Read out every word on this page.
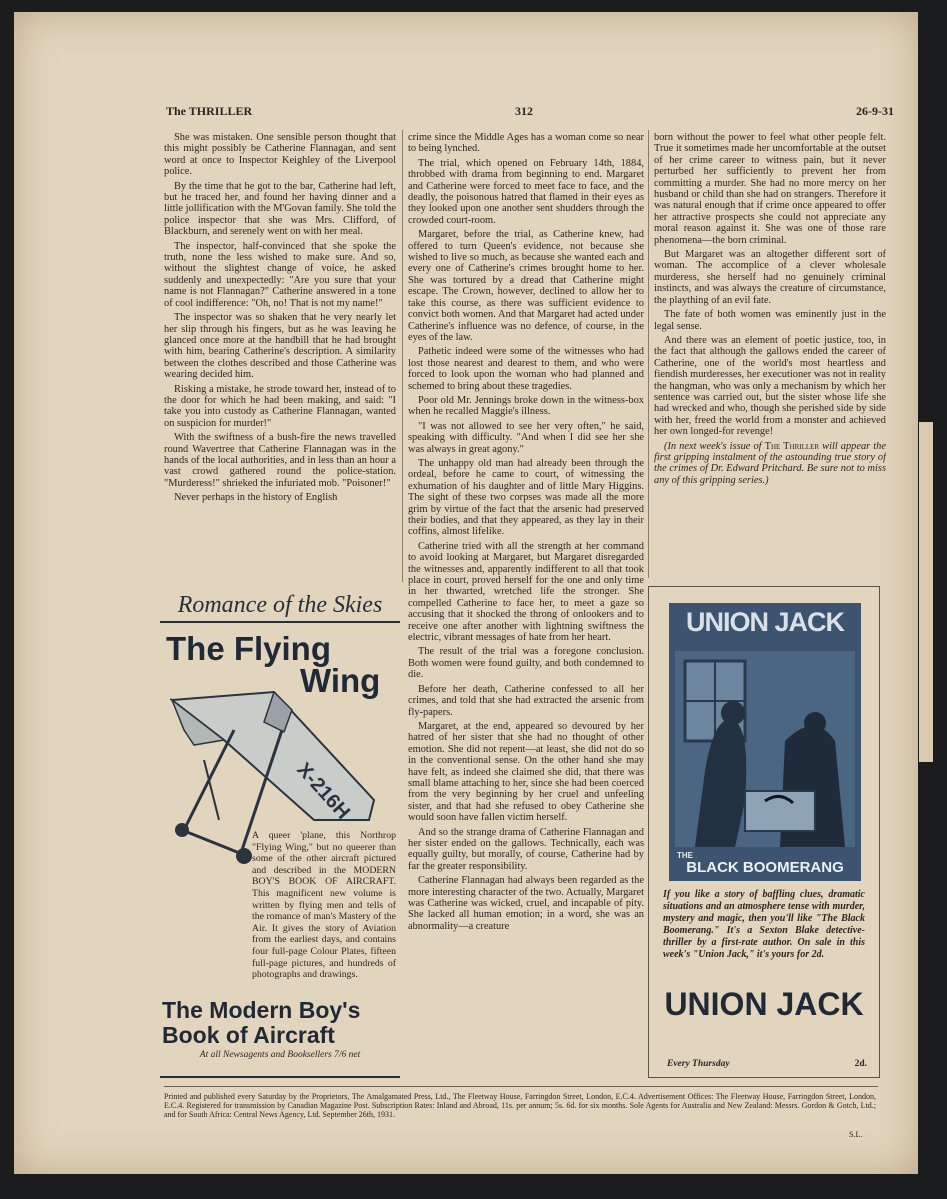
The THRILLER	312	26-9-31

She was mistaken. One sensible person thought that this might possibly be Catherine Flannagan, and sent word at once to Inspector Keighley of the Liverpool police.

By the time that he got to the bar, Catherine had left, but he traced her, and found her having dinner and a little jollification with the M'Govan family. She told the police inspector that she was Mrs. Clifford, of Blackburn, and serenely went on with her meal.

The inspector, half-convinced that she spoke the truth, none the less wished to make sure. And so, without the slightest change of voice, he asked suddenly and unexpectedly: "Are you sure that your name is not Flannagan?" Catherine answered in a tone of cool indifference: "Oh, no! That is not my name!"

The inspector was so shaken that he very nearly let her slip through his fingers, but as he was leaving he glanced once more at the handbill that he had brought with him, bearing Catherine's description. A similarity between the clothes described and those Catherine was wearing decided him.

Risking a mistake, he strode toward her, instead of to the door for which he had been making, and said: "I take you into custody as Catherine Flannagan, wanted on suspicion for murder!"

With the swiftness of a bush-fire the news travelled round Wavertree that Catherine Flannagan was in the hands of the local authorities, and in less than an hour a vast crowd gathered round the police-station. "Murderess!" shrieked the infuriated mob. "Poisoner!"

Never perhaps in the history of English

crime since the Middle Ages has a woman come so near to being lynched.

The trial, which opened on February 14th, 1884, throbbed with drama from beginning to end. Margaret and Catherine were forced to meet face to face, and the deadly, the poisonous hatred that flamed in their eyes as they looked upon one another sent shudders through the crowded court-room.

Margaret, before the trial, as Catherine knew, had offered to turn Queen's evidence, not because she wished to live so much, as because she wanted each and every one of Catherine's crimes brought home to her. She was tortured by a dread that Catherine might escape. The Crown, however, declined to allow her to take this course, as there was sufficient evidence to convict both women. And that Margaret had acted under Catherine's influence was no defence, of course, in the eyes of the law.

Pathetic indeed were some of the witnesses who had lost those nearest and dearest to them, and who were forced to look upon the woman who had planned and schemed to bring about these tragedies.

Poor old Mr. Jennings broke down in the witness-box when he recalled Maggie's illness.

"I was not allowed to see her very often," he said, speaking with difficulty. "And when I did see her she was always in great agony."

The unhappy old man had already been through the ordeal, before he came to court, of witnessing the exhumation of his daughter and of little Mary Higgins. The sight of these two corpses was made all the more grim by virtue of the fact that the arsenic had preserved their bodies, and that they appeared, as they lay in their coffins, almost lifelike.

Catherine tried with all the strength at her command to avoid looking at Margaret, but Margaret disregarded the witnesses and, apparently indifferent to all that took place in court, proved herself for the one and only time in her thwarted, wretched life the stronger. She compelled Catherine to face her, to meet a gaze so accusing that it shocked the throng of onlookers and to receive one after another with lightning swiftness the electric, vibrant messages of hate from her heart.

The result of the trial was a foregone conclusion. Both women were found guilty, and both condemned to die.

Before her death, Catherine confessed to all her crimes, and told that she had extracted the arsenic from fly-papers.

Margaret, at the end, appeared so devoured by her hatred of her sister that she had no thought of other emotion. She did not repent—at least, she did not do so in the conventional sense. On the other hand she may have felt, as indeed she claimed she did, that there was small blame attaching to her, since she had been coerced from the very beginning by her cruel and unfeeling sister, and that had she refused to obey Catherine she would soon have fallen victim herself.

And so the strange drama of Catherine Flannagan and her sister ended on the gallows. Technically, each was equally guilty, but morally, of course, Catherine had by far the greater responsibility.

Catherine Flannagan had always been regarded as the more interesting character of the two. Actually, Margaret was Catherine was wicked, cruel, and incapable of pity. She lacked all human emotion; in a word, she was an abnormality—a creature

born without the power to feel what other people felt. True it sometimes made her uncomfortable at the outset of her crime career to witness pain, but it never perturbed her sufficiently to prevent her from committing a murder. She had no more mercy on her husband or child than she had on strangers. Therefore it was natural enough that if crime once appeared to offer her attractive prospects she could not appreciate any moral reason against it. She was one of those rare phenomena—the born criminal.

But Margaret was an altogether different sort of woman. The accomplice of a clever wholesale murderess, she herself had no genuinely criminal instincts, and was always the creature of circumstance, the plaything of an evil fate.

The fate of both women was eminently just in the legal sense.

And there was an element of poetic justice, too, in the fact that although the gallows ended the career of Catherine, one of the world's most heartless and fiendish murderesses, her executioner was not in reality the hangman, who was only a mechanism by which her sentence was carried out, but the sister whose life she had wrecked and who, though she perished side by side with her, freed the world from a monster and achieved her own longed-for revenge!

(In next week's issue of The Thriller will appear the first gripping instalment of the astounding true story of the crimes of Dr. Edward Pritchard. Be sure not to miss any of this gripping series.)

Romance of the Skies
The Flying
Wing
X-216H
A queer 'plane, this Northrop "Flying Wing," but no queerer than some of the other aircraft pictured and described in the MODERN BOY'S BOOK OF AIRCRAFT. This magnificent new volume is written by flying men and tells of the romance of man's Mastery of the Air. It gives the story of Aviation from the earliest days, and contains four full-page Colour Plates, fifteen full-page pictures, and hundreds of photographs and drawings.
The Modern Boy's Book of Aircraft
At all Newsagents and Booksellers 7/6 net
UNION JACK
THE
BLACK BOOMERANG
If you like a story of baffling clues, dramatic situations and an atmosphere tense with murder, mystery and magic, then you'll like "The Black Boomerang." It's a Sexton Blake detective-thriller by a first-rate author. On sale in this week's "Union Jack," it's yours for 2d.
UNION JACK
Every Thursday	2d.
Printed and published every Saturday by the Proprietors, The Amalgamated Press, Ltd., The Fleetway House, Farringdon Street, London, E.C.4. Advertisement Offices: The Fleetway House, Farringdon Street, London, E.C.4. Registered for transmission by Canadian Magazine Post. Subscription Rates: Inland and Abroad, 11s. per annum; 5s. 6d. for six months. Sole Agents for Australia and New Zealand: Messrs. Gordon & Gotch, Ltd.; and for South Africa: Central News Agency, Ltd. September 26th, 1931.
S.L.
